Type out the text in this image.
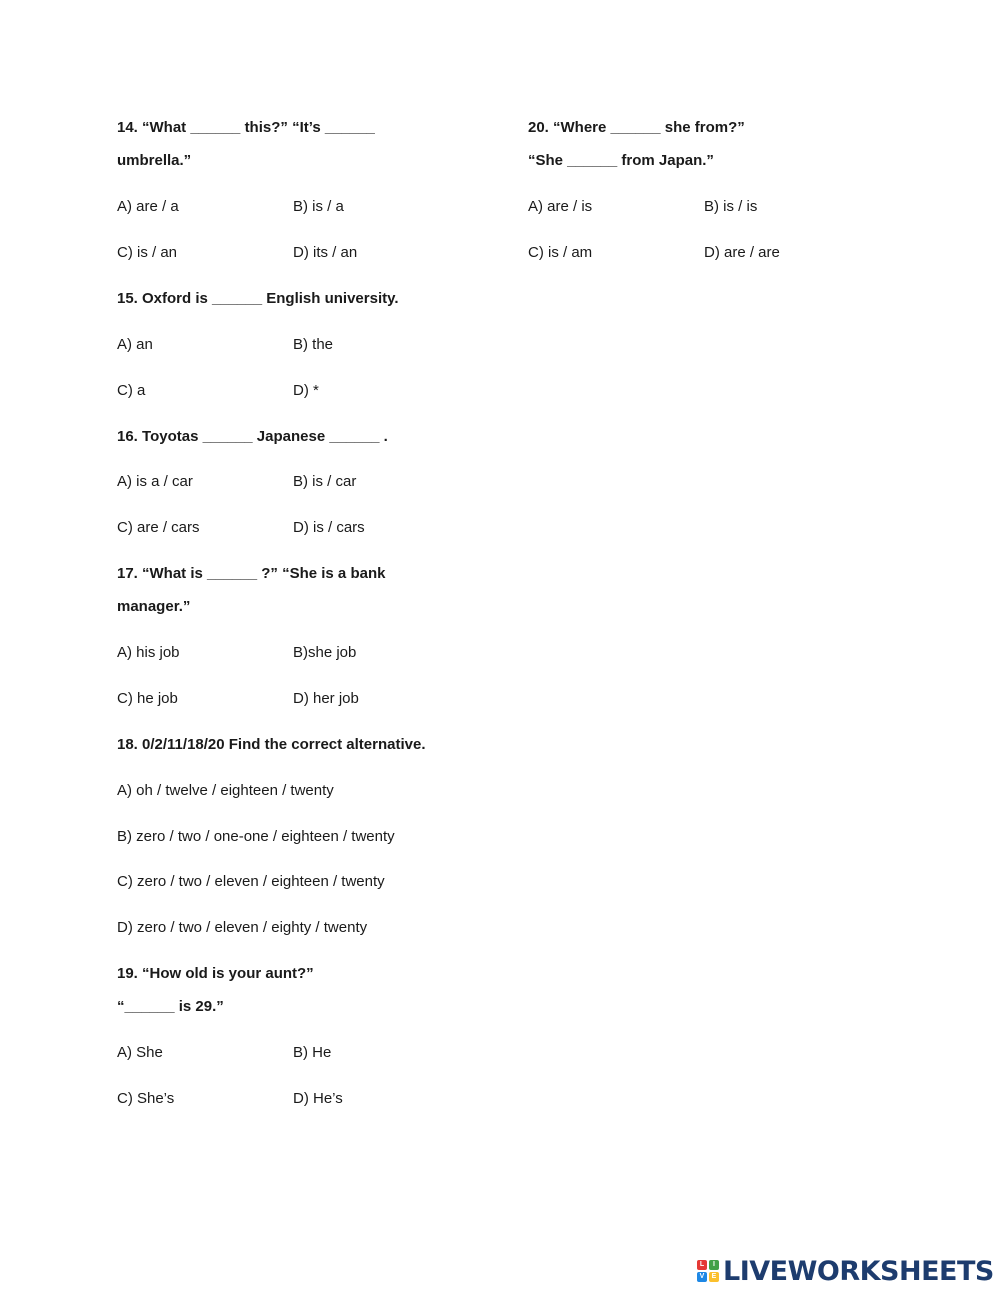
14. “What ______ this?” “It’s ______
umbrella.”
A) are / a	B) is / a
C) is / an	D) its / an
15. Oxford is ______ English university.
A) an	B) the
C) a	D) *
16. Toyotas ______ Japanese ______ .
A) is a / car	B) is / car
C) are / cars	D) is / cars
17. “What is ______ ?” “She is a bank
manager.”
A) his job	B)she job
C) he job	D) her job
18. 0/2/11/18/20 Find the correct alternative.
A) oh / twelve / eighteen / twenty
B) zero / two / one-one / eighteen / twenty
C) zero / two / eleven / eighteen / twenty
D) zero / two / eleven / eighty / twenty
19. “How old is your aunt?”
“______ is 29.”
A) She	B) He
C) She’s	D) He’s
20. “Where ______ she from?”
“She ______ from Japan.”
A) are / is	B) is / is
C) is / am	D) are / are
L	I
V	E LIVEWORKSHEETS
